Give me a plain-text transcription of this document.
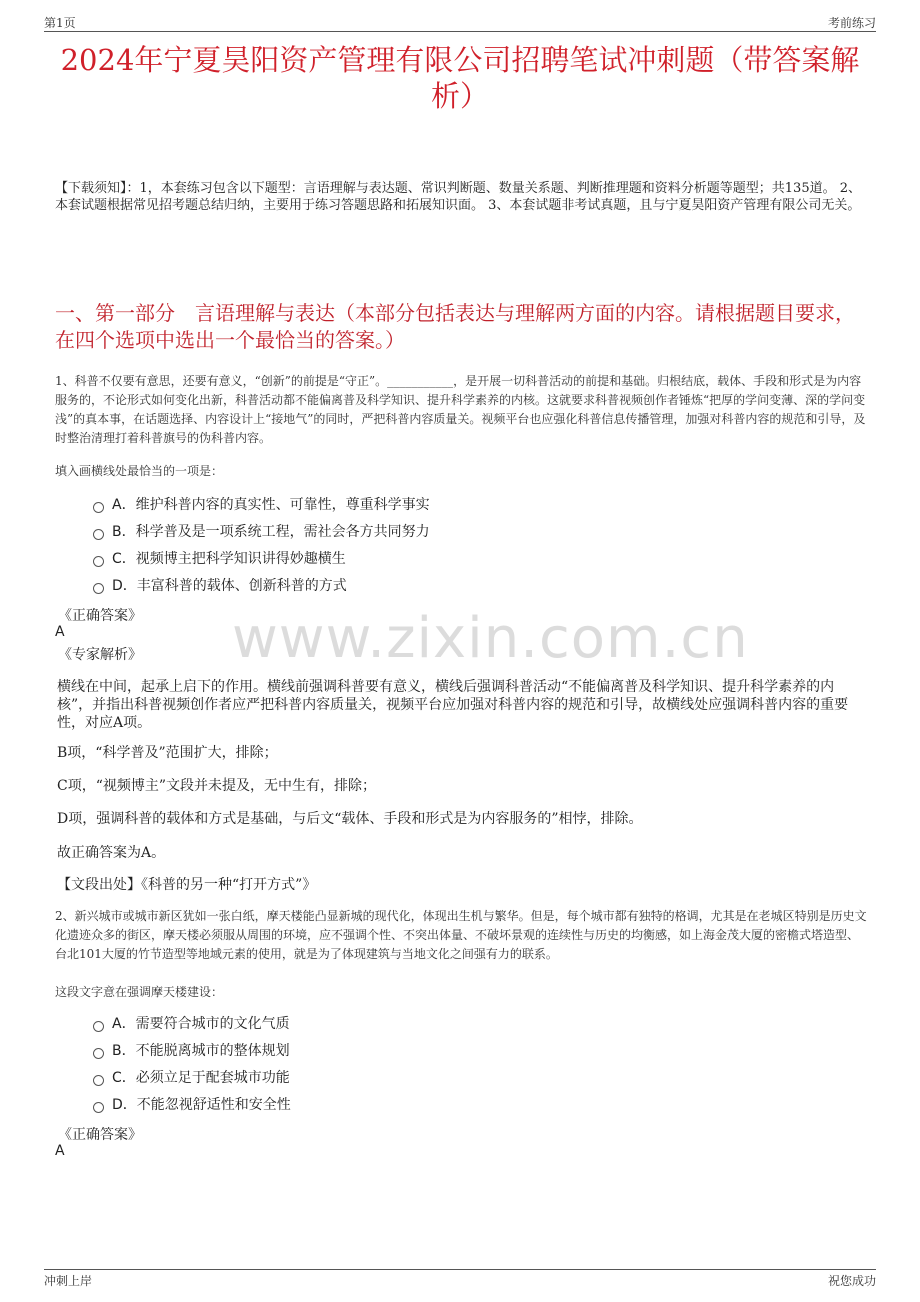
第1页	考前练习
2024年宁夏昊阳资产管理有限公司招聘笔试冲刺题（带答案解析）
【下载须知】：1，本套练习包含以下题型：言语理解与表达题、常识判断题、数量关系题、判断推理题和资料分析题等题型；共135道。 2、本套试题根据常见招考题总结归纳，主要用于练习答题思路和拓展知识面。 3、本套试题非考试真题，且与宁夏昊阳资产管理有限公司无关。
一、第一部分　言语理解与表达（本部分包括表达与理解两方面的内容。请根据题目要求，在四个选项中选出一个最恰当的答案。）
1、科普不仅要有意思，还要有意义，“创新”的前提是“守正”。___________，是开展一切科普活动的前提和基础。归根结底，载体、手段和形式是为内容服务的，不论形式如何变化出新，科普活动都不能偏离普及科学知识、提升科学素养的内核。这就要求科普视频创作者锤炼“把厚的学问变薄、深的学问变浅”的真本事，在话题选择、内容设计上“接地气”的同时，严把科普内容质量关。视频平台也应强化科普信息传播管理，加强对科普内容的规范和引导，及时整治清理打着科普旗号的伪科普内容。
填入画横线处最恰当的一项是：
A．维护科普内容的真实性、可靠性，尊重科学事实
B．科学普及是一项系统工程，需社会各方共同努力
C．视频博主把科学知识讲得妙趣横生
D．丰富科普的载体、创新科普的方式
《正确答案》
A
《专家解析》 www.zixin.com.cn
横线在中间，起承上启下的作用。横线前强调科普要有意义，横线后强调科普活动“不能偏离普及科学知识、提升科学素养的内核”，并指出科普视频创作者应严把科普内容质量关，视频平台应加强对科普内容的规范和引导，故横线处应强调科普内容的重要性，对应A项。
B项，“科学普及”范围扩大，排除；
C项，“视频博主”文段并未提及，无中生有，排除；
D项，强调科普的载体和方式是基础，与后文“载体、手段和形式是为内容服务的”相悖，排除。
故正确答案为A。
【文段出处】《科普的另一种“打开方式”》
2、新兴城市或城市新区犹如一张白纸，摩天楼能凸显新城的现代化，体现出生机与繁华。但是，每个城市都有独特的格调，尤其是在老城区特别是历史文化遗迹众多的街区，摩天楼必须服从周围的环境，应不强调个性、不突出体量、不破坏景观的连续性与历史的均衡感，如上海金茂大厦的密檐式塔造型、台北101大厦的竹节造型等地域元素的使用，就是为了体现建筑与当地文化之间强有力的联系。
这段文字意在强调摩天楼建设：
A．需要符合城市的文化气质
B．不能脱离城市的整体规划
C．必须立足于配套城市功能
D．不能忽视舒适性和安全性
《正确答案》
A
冲刺上岸	祝您成功
